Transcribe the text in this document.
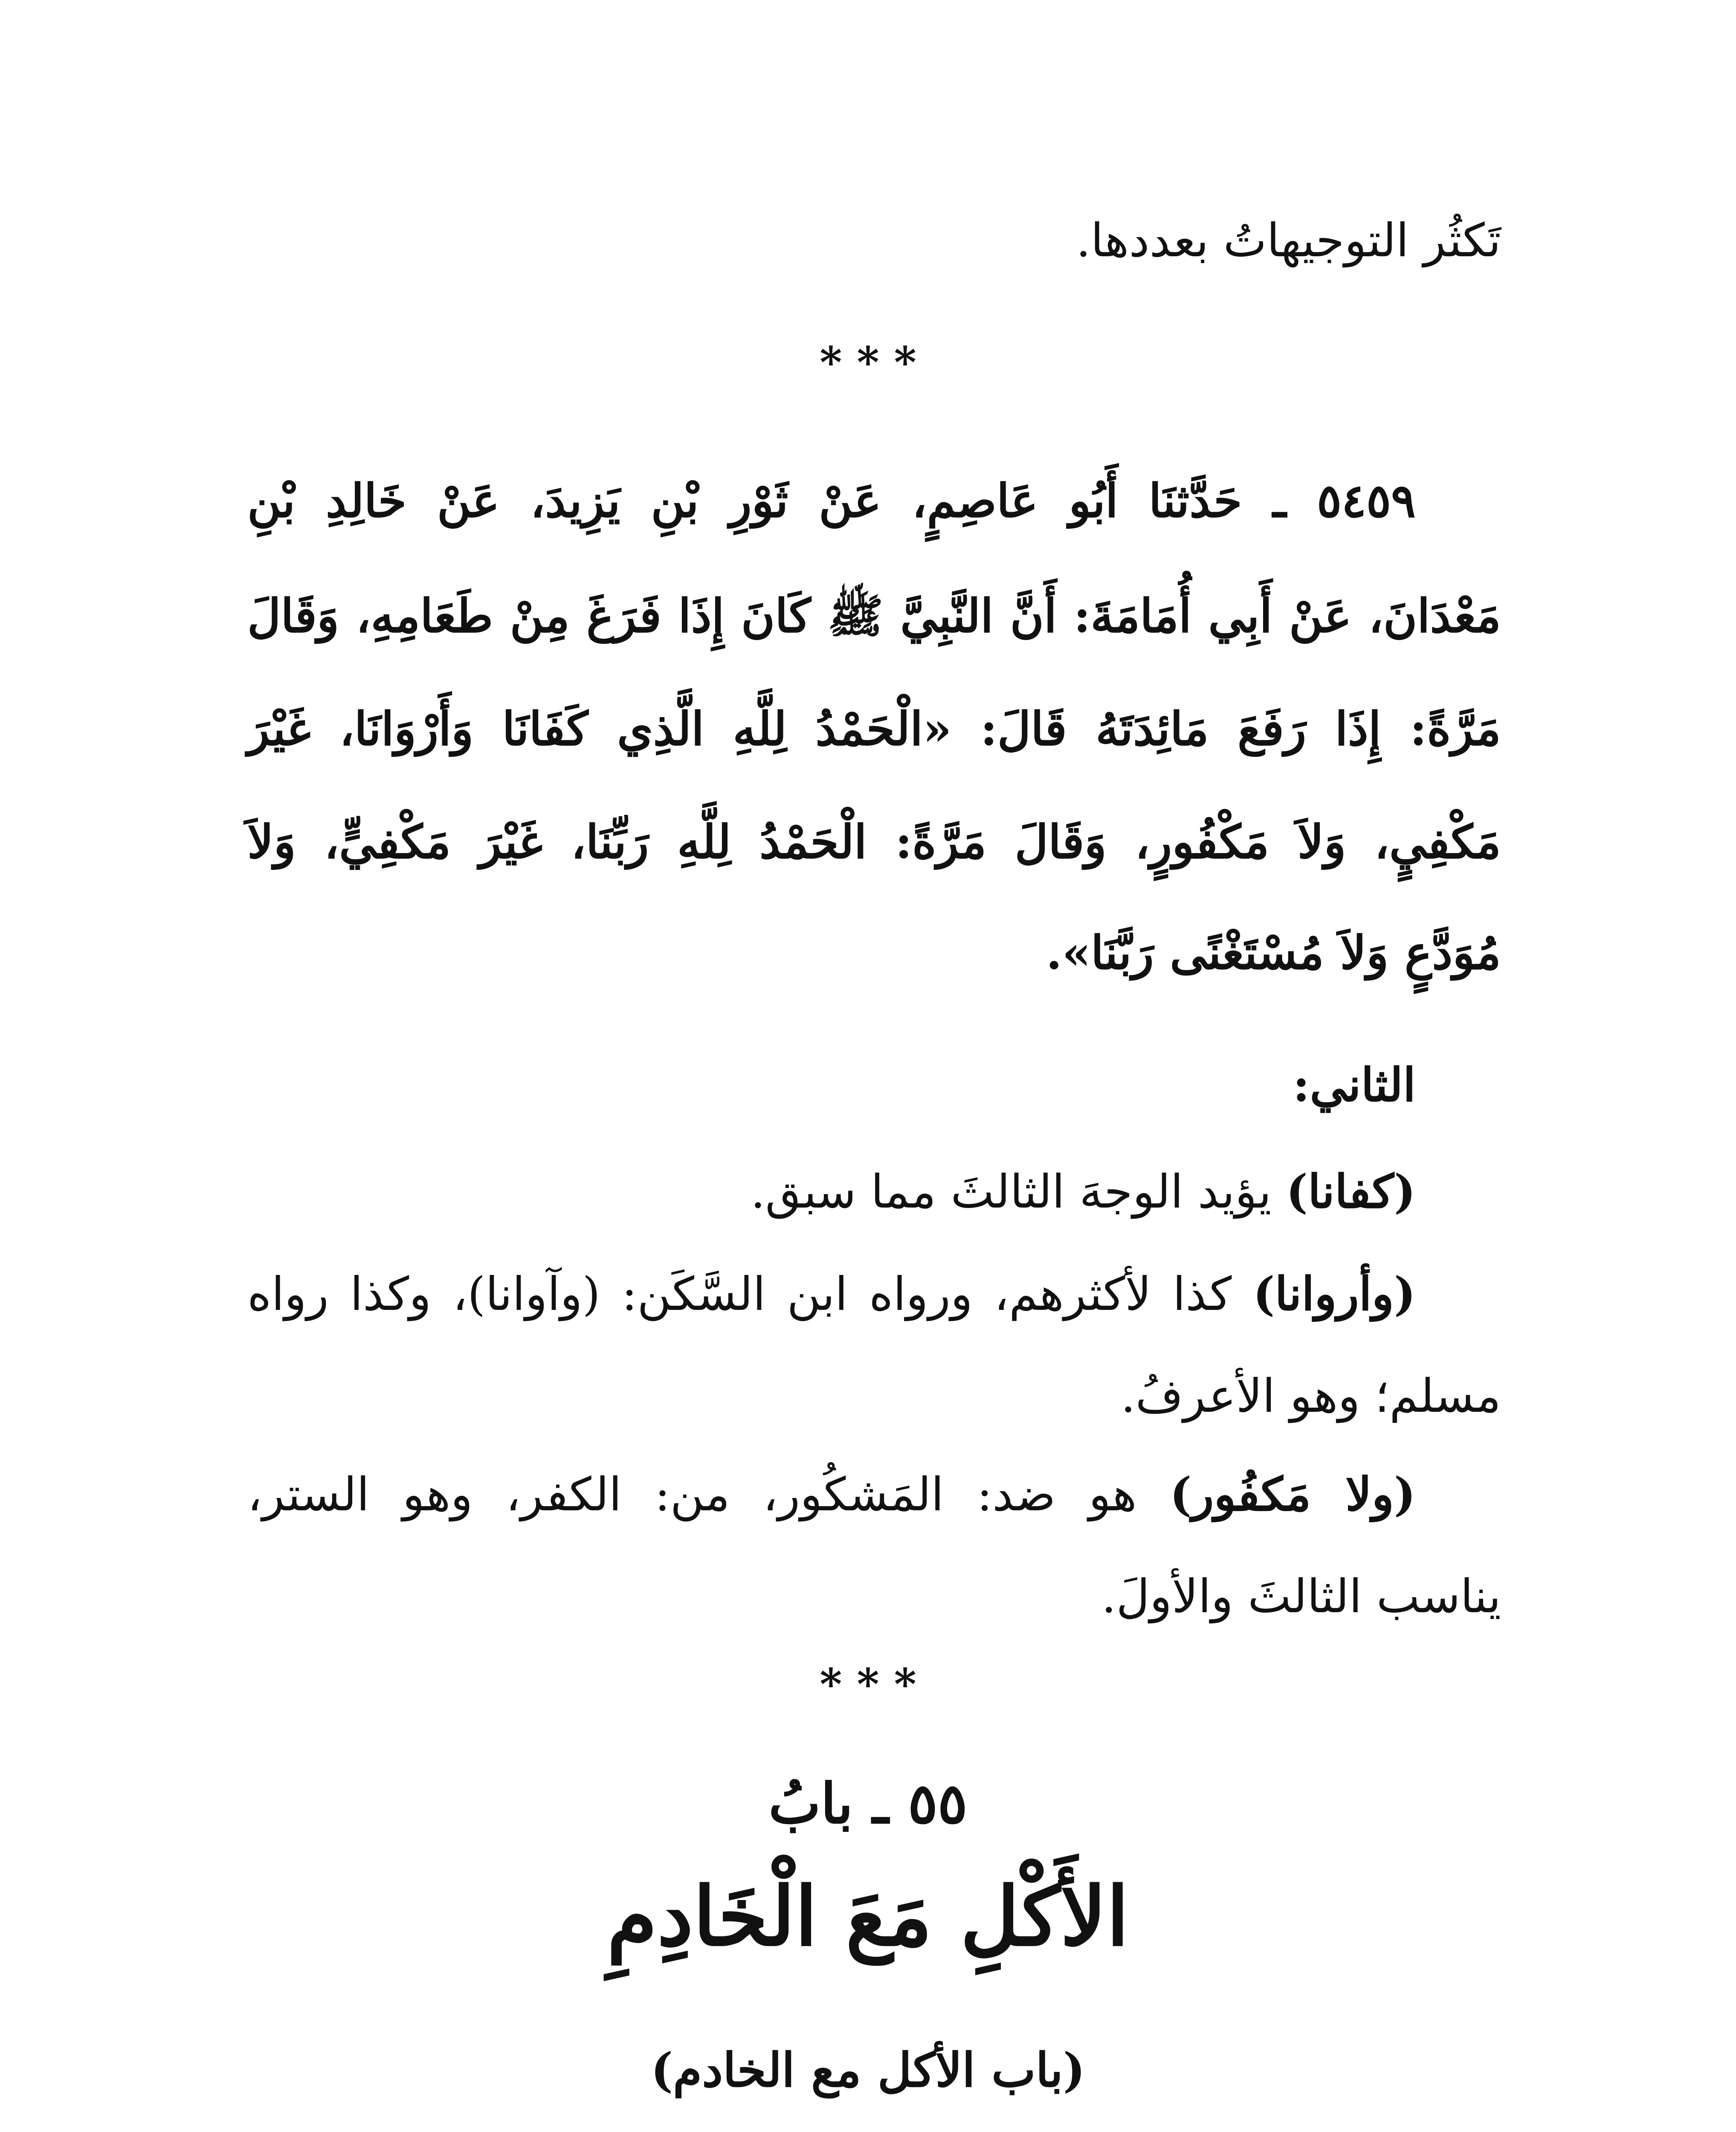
تَكثُر التوجيهاتُ بعددها.
* * *
٥٤٥٩ ـ حَدَّثنَا أَبُو عَاصِمٍ، عَنْ ثَوْرِ بْنِ يَزِيدَ، عَنْ خَالِدِ بْنِ
مَعْدَانَ، عَنْ أَبِي أُمَامَةَ: أَنَّ النَّبِيَّ ﷺ كَانَ إِذَا فَرَغَ مِنْ طَعَامِهِ، وَقَالَ
مَرَّةً: إِذَا رَفَعَ مَائِدَتَهُ قَالَ: «الْحَمْدُ لِلَّهِ الَّذِي كَفَانَا وَأَرْوَانَا، غَيْرَ
مَكْفِيٍ، وَلاَ مَكْفُورٍ، وَقَالَ مَرَّةً: الْحَمْدُ لِلَّهِ رَبِّنَا، غَيْرَ مَكْفِيٍّ، وَلاَ
مُوَدَّعٍ وَلاَ مُسْتَغْنًى رَبَّنَا».
الثاني:
(كفانا) يؤيد الوجهَ الثالثَ مما سبق.
(وأروانا) كذا لأكثرهم، ورواه ابن السَّكَن: (وآوانا)، وكذا رواه
مسلم؛ وهو الأعرفُ.
(ولا مَكفُور) هو ضد: المَشكُور، من: الكفر، وهو الستر،
يناسب الثالثَ والأولَ.
* * *
٥٥ ـ بابُ
الأَكْلِ مَعَ الْخَادِمِ
(باب الأكل مع الخادم)
